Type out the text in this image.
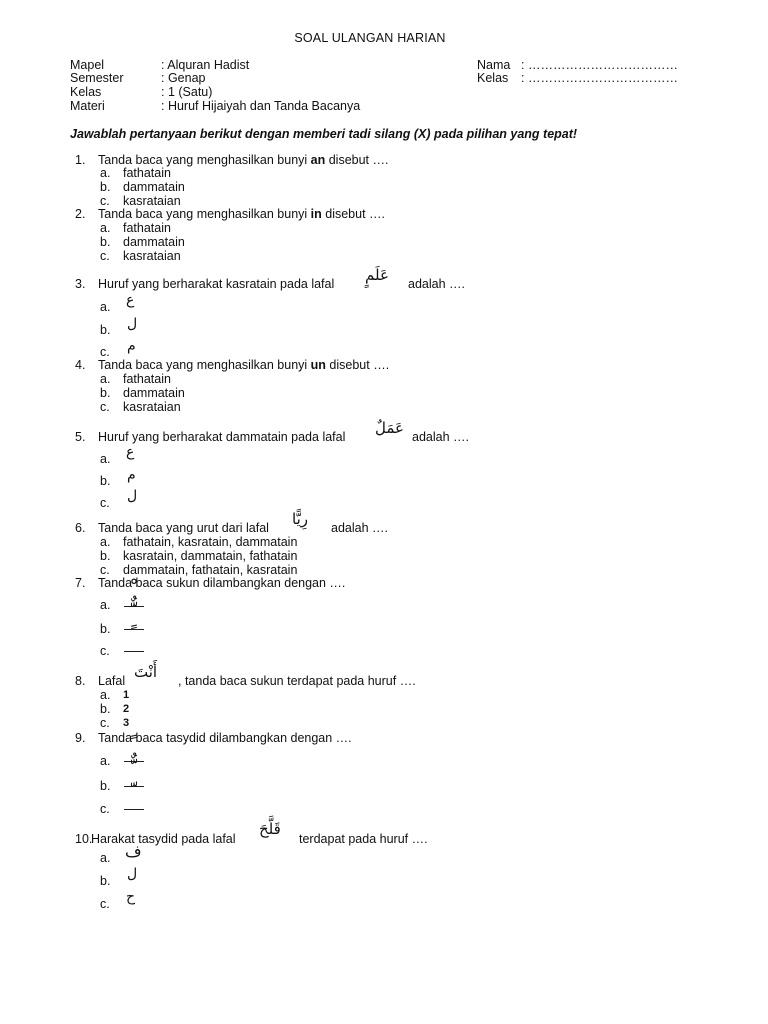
SOAL ULANGAN HARIAN
Mapel	: Alquran Hadist
Semester	: Genap
Kelas	: 1 (Satu)
Materi	: Huruf Hijaiyah dan Tanda Bacanya
Nama : ………………………………
Kelas : ………………………………
Jawablah pertanyaan berikut dengan memberi tadi silang (X) pada pilihan yang tepat!
1. Tanda baca yang menghasilkan bunyi an disebut ….
a. fathatain
b. dammatain
c. kasrataian
2. Tanda baca yang menghasilkan bunyi in disebut ….
a. fathatain
b. dammatain
c. kasrataian
3. Huruf yang berharakat kasratain pada lafal عَلَمٍ adalah ….
a. ع
b. ل
c. م
4. Tanda baca yang menghasilkan bunyi un disebut ….
a. fathatain
b. dammatain
c. kasrataian
5. Huruf yang berharakat dammatain pada lafal عَمَلٌ adalah ….
a. ع
b. م
c. ل
6. Tanda baca yang urut dari lafal رِيًّا adalah ….
a. fathatain, kasratain, dammatain
b. kasratain, dammatain, fathatain
c. dammatain, fathatain, kasratain
7. Tanda baca sukun dilambangkan dengan ….
a.
b.
c.
8. Lafal أَنْتَ , tanda baca sukun terdapat pada huruf ….
a. 1
b. 2
c. 3
9. Tanda baca tasydid dilambangkan dengan ….
a.
b.
c.
10.
Harakat tasydid pada lafal
قَلَّحَ
terdapat pada huruf ….
a. ف
b. ل
c. ح
